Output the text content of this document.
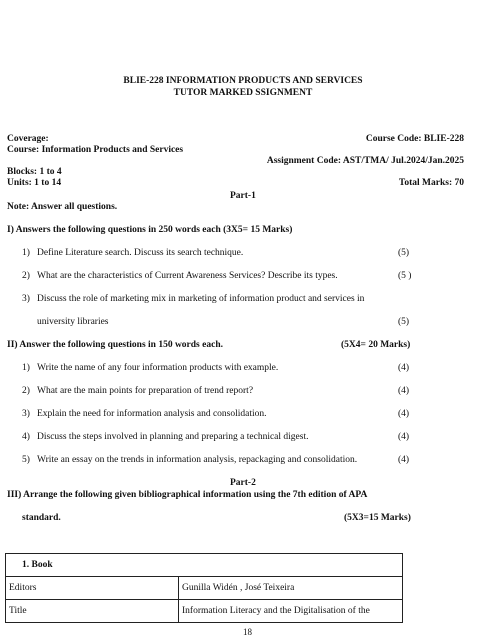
BLIE-228 INFORMATION PRODUCTS AND SERVICES
TUTOR MARKED SSIGNMENT
Coverage:	Course Code: BLIE-228
Course: Information Products and Services
Assignment Code: AST/TMA/ Jul.2024/Jan.2025
Blocks: 1 to 4
Units: 1 to 14	Total Marks: 70
Part-1
Note: Answer all questions.
I) Answers the following questions in 250 words each (3X5= 15 Marks)
1) Define Literature search. Discuss its search technique.	(5)
2) What are the characteristics of Current Awareness Services? Describe its types.	(5 )
3) Discuss the role of marketing mix in marketing of information product and services in
university libraries	(5)
II) Answer the following questions in 150 words each.	(5X4= 20 Marks)
1) Write the name of any four information products with example.	(4)
2) What are the main points for preparation of trend report?	(4)
3) Explain the need for information analysis and consolidation.	(4)
4) Discuss the steps involved in planning and preparing a technical digest.	(4)
5) Write an essay on the trends in information analysis, repackaging and consolidation.	(4)
Part-2
III) Arrange the following given bibliographical information using the 7th edition of APA
standard.	(5X3=15 Marks)
1. Book	
Editors	Gunilla Widén , José Teixeira
Title	Information Literacy and the Digitalisation of the
18
